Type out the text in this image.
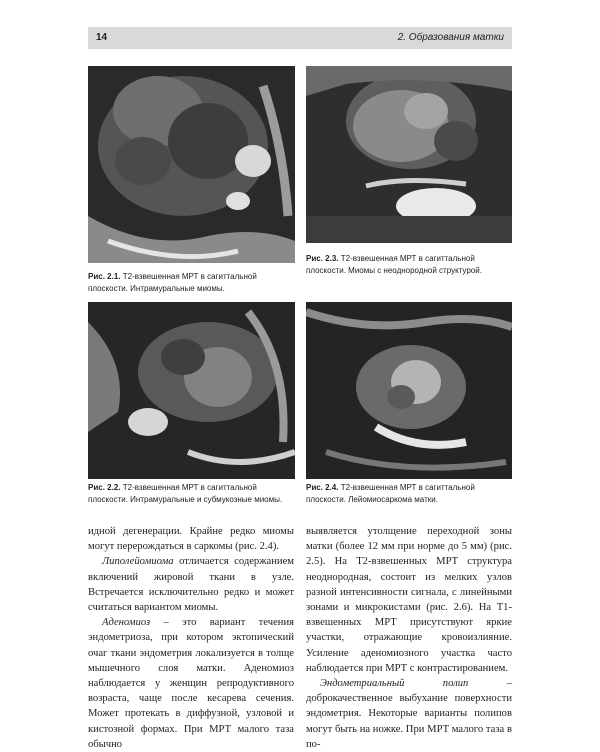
14	2. Образования матки
Рис. 2.1. T2-взвешенная МРТ в сагиттальной плоскости. Интрамуральные миомы.
Рис. 2.3. T2-взвешенная МРТ в сагиттальной плоскости. Миомы с неоднородной структурой.
Рис. 2.2. T2-взвешенная МРТ в сагиттальной плоскости. Интрамуральные и субмукозные миомы.
Рис. 2.4. T2-взвешенная МРТ в сагиттальной плоскости. Лейомиосаркома матки.

идной дегенерации. Крайне редко миомы могут перерождаться в саркомы (рис. 2.4).

Липолейомиома отличается содержанием включений жировой ткани в узле. Встречается исключительно редко и может считаться вариантом миомы.

Аденомиоз – это вариант течения эндометриоза, при котором эктопический очаг ткани эндометрия локализуется в толще мышечного слоя матки. Аденомиоз наблюдается у женщин репродуктивного возраста, чаще после кесарева сечения. Может протекать в диффузной, узловой и кистозной формах. При МРТ малого таза обычно

выявляется утолщение переходной зоны матки (более 12 мм при норме до 5 мм) (рис. 2.5). На T2-взвешенных МРТ структура неоднородная, состоит из мелких узлов разной интенсивности сигнала, с линейными зонами и микрокистами (рис. 2.6). На T1-взвешенных МРТ присутствуют яркие участки, отражающие кровоизлияние. Усиление аденомиозного участка часто наблюдается при МРТ с контрастированием.

Эндометриальный полип – доброкачественное выбухание поверхности эндометрия. Некоторые варианты полипов могут быть на ножке. При МРТ малого таза в по-
